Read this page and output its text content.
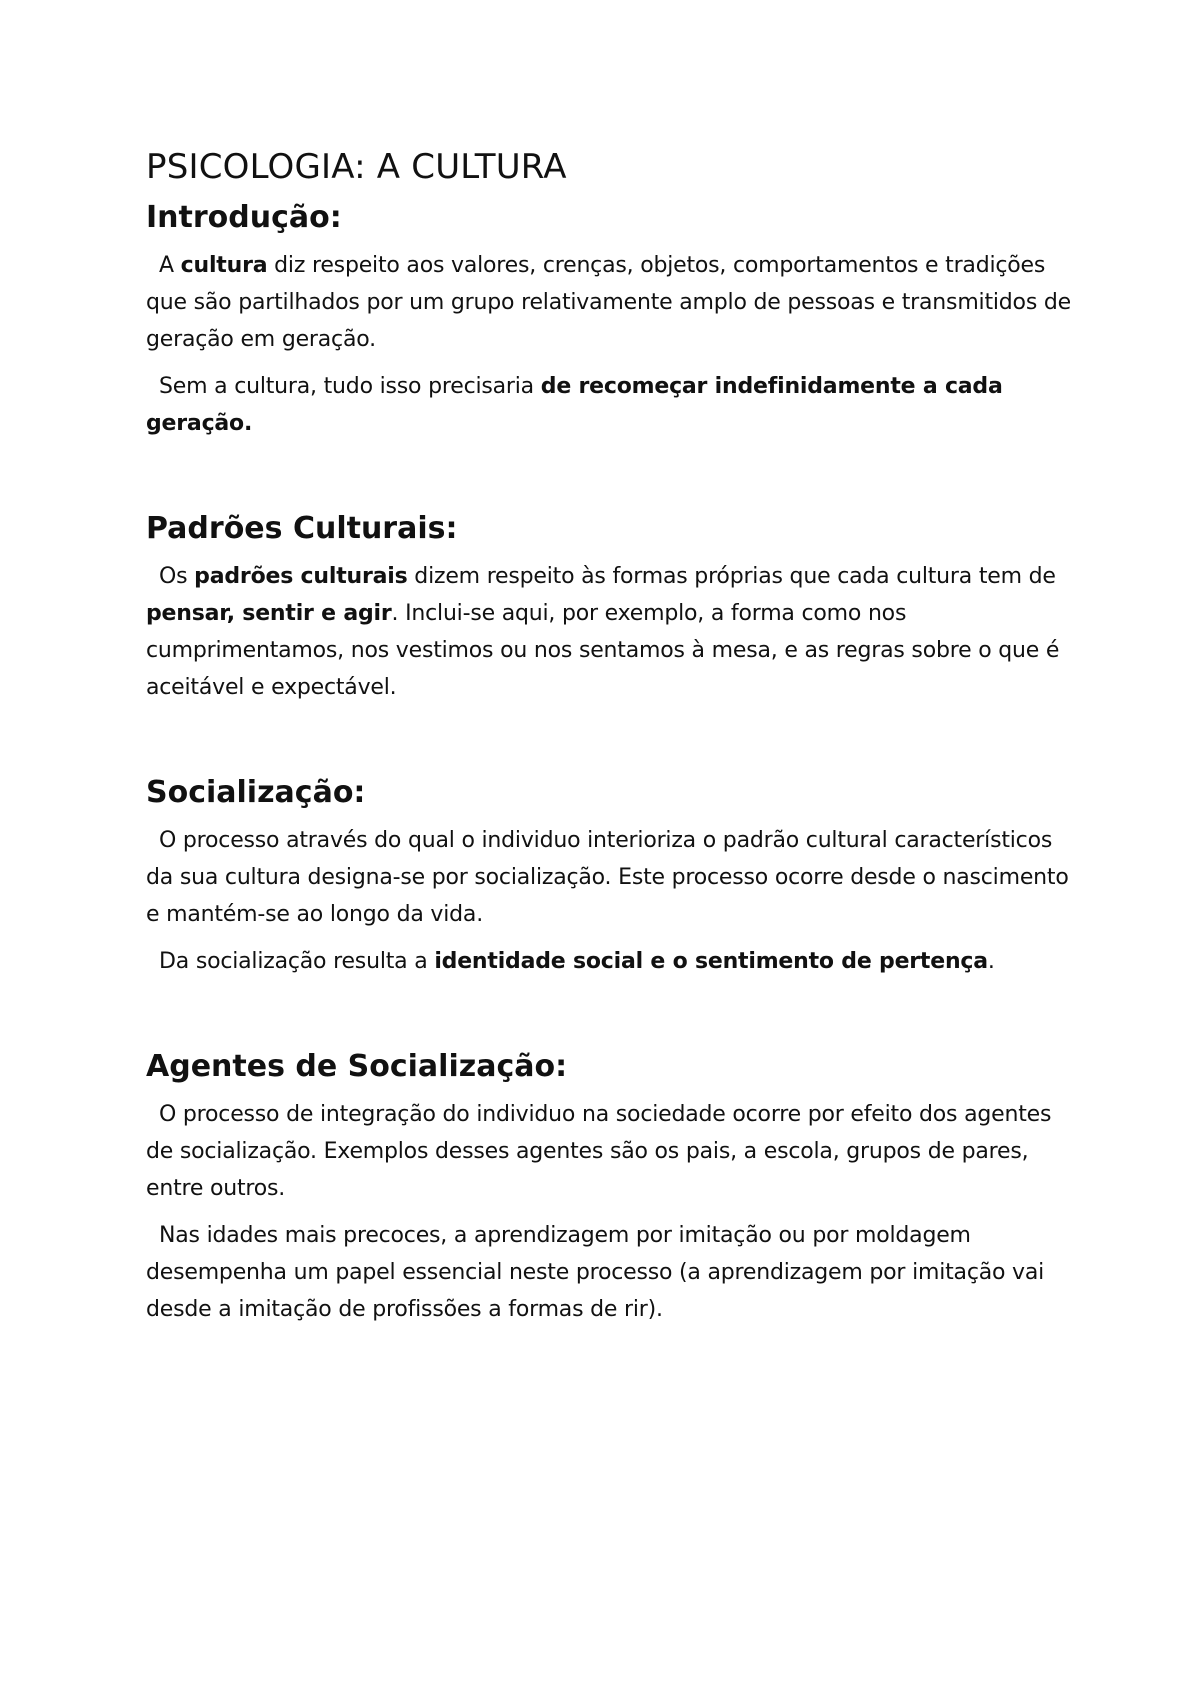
PSICOLOGIA: A CULTURA
Introdução:

A cultura diz respeito aos valores, crenças, objetos, comportamentos e tradições que são partilhados por um grupo relativamente amplo de pessoas e transmitidos de geração em geração.

Sem a cultura, tudo isso precisaria de recomeçar indefinidamente a cada geração.

Padrões Culturais:

Os padrões culturais dizem respeito às formas próprias que cada cultura tem de pensar, sentir e agir. Inclui-se aqui, por exemplo, a forma como nos cumprimentamos, nos vestimos ou nos sentamos à mesa, e as regras sobre o que é aceitável e expectável.

Socialização:

O processo através do qual o individuo interioriza o padrão cultural característicos da sua cultura designa-se por socialização. Este processo ocorre desde o nascimento e mantém-se ao longo da vida.

Da socialização resulta a identidade social e o sentimento de pertença.

Agentes de Socialização:

O processo de integração do individuo na sociedade ocorre por efeito dos agentes de socialização. Exemplos desses agentes são os pais, a escola, grupos de pares, entre outros.

Nas idades mais precoces, a aprendizagem por imitação ou por moldagem desempenha um papel essencial neste processo (a aprendizagem por imitação vai desde a imitação de profissões a formas de rir).
